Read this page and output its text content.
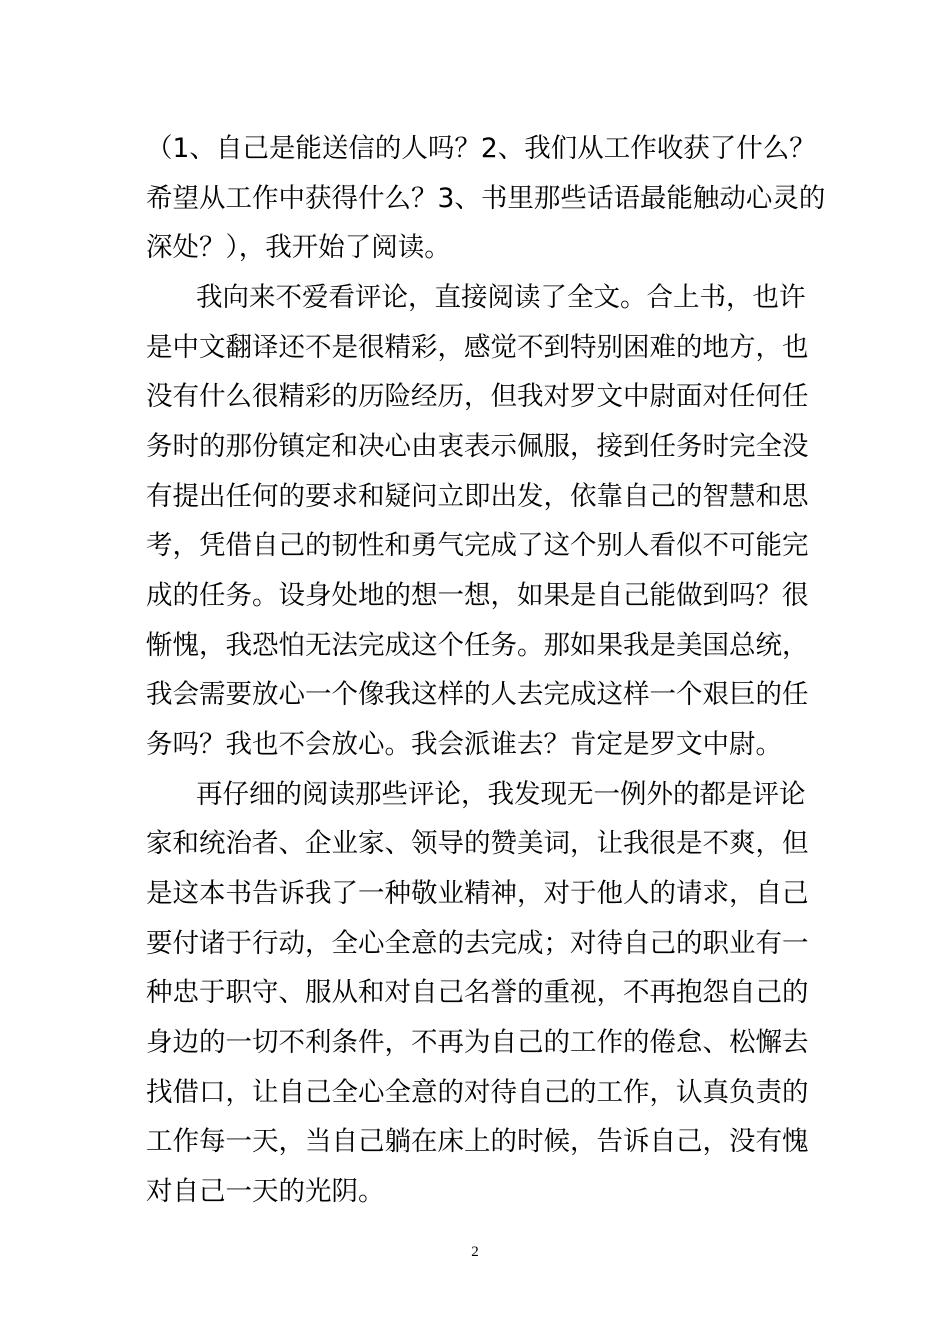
（1、自己是能送信的人吗？2、我们从工作收获了什么？
希望从工作中获得什么？3、书里那些话语最能触动心灵的
深处？），我开始了阅读。
我向来不爱看评论，直接阅读了全文。合上书，也许
是中文翻译还不是很精彩，感觉不到特别困难的地方，也
没有什么很精彩的历险经历，但我对罗文中尉面对任何任
务时的那份镇定和决心由衷表示佩服，接到任务时完全没
有提出任何的要求和疑问立即出发，依靠自己的智慧和思
考，凭借自己的韧性和勇气完成了这个别人看似不可能完
成的任务。设身处地的想一想，如果是自己能做到吗？很
惭愧，我恐怕无法完成这个任务。那如果我是美国总统，
我会需要放心一个像我这样的人去完成这样一个艰巨的任
务吗？我也不会放心。我会派谁去？肯定是罗文中尉。
再仔细的阅读那些评论，我发现无一例外的都是评论
家和统治者、企业家、领导的赞美词，让我很是不爽，但
是这本书告诉我了一种敬业精神，对于他人的请求，自己
要付诸于行动，全心全意的去完成；对待自己的职业有一
种忠于职守、服从和对自己名誉的重视，不再抱怨自己的
身边的一切不利条件，不再为自己的工作的倦怠、松懈去
找借口，让自己全心全意的对待自己的工作，认真负责的
工作每一天，当自己躺在床上的时候，告诉自己，没有愧
对自己一天的光阴。
2
